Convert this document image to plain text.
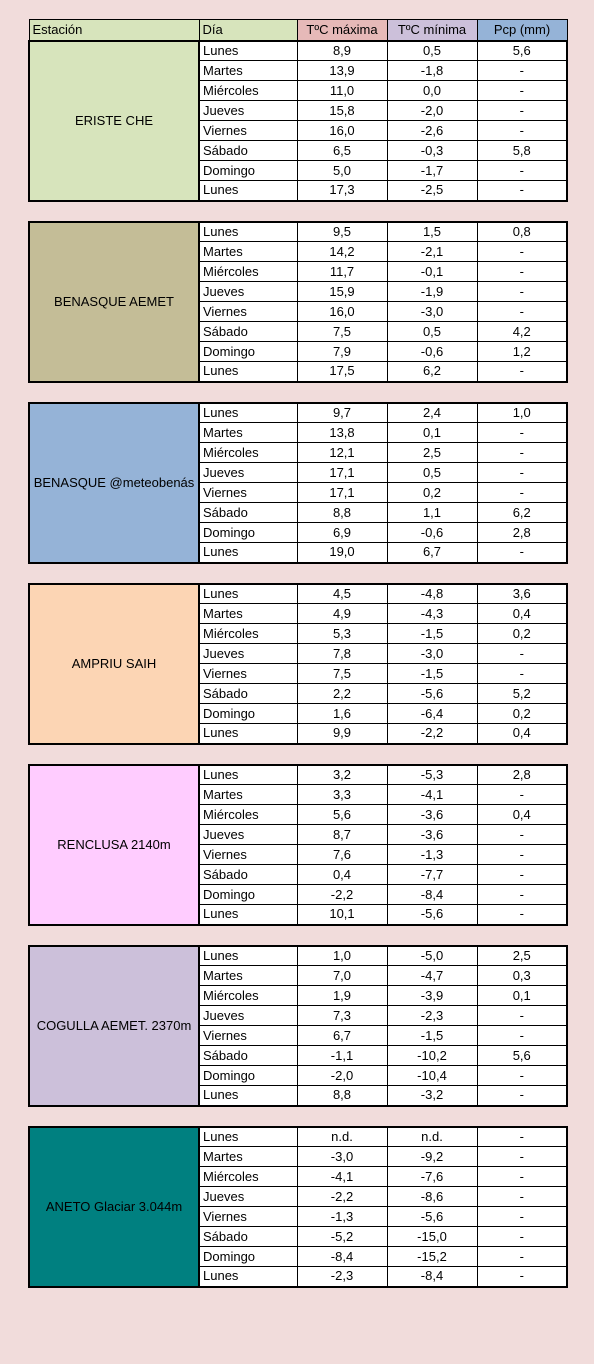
Estación	Día	TºC máxima	TºC mínima	Pcp (mm)
ERISTE CHE	Lunes	8,9	0,5	5,6
	Martes	13,9	-1,8	-
	Miércoles	11,0	0,0	-
	Jueves	15,8	-2,0	-
	Viernes	16,0	-2,6	-
	Sábado	6,5	-0,3	5,8
	Domingo	5,0	-1,7	-
	Lunes	17,3	-2,5	-

BENASQUE AEMET	Lunes	9,5	1,5	0,8
	Martes	14,2	-2,1	-
	Miércoles	11,7	-0,1	-
	Jueves	15,9	-1,9	-
	Viernes	16,0	-3,0	-
	Sábado	7,5	0,5	4,2
	Domingo	7,9	-0,6	1,2
	Lunes	17,5	6,2	-

BENASQUE @meteobenás	Lunes	9,7	2,4	1,0
	Martes	13,8	0,1	-
	Miércoles	12,1	2,5	-
	Jueves	17,1	0,5	-
	Viernes	17,1	0,2	-
	Sábado	8,8	1,1	6,2
	Domingo	6,9	-0,6	2,8
	Lunes	19,0	6,7	-

AMPRIU SAIH	Lunes	4,5	-4,8	3,6
	Martes	4,9	-4,3	0,4
	Miércoles	5,3	-1,5	0,2
	Jueves	7,8	-3,0	-
	Viernes	7,5	-1,5	-
	Sábado	2,2	-5,6	5,2
	Domingo	1,6	-6,4	0,2
	Lunes	9,9	-2,2	0,4

RENCLUSA 2140m	Lunes	3,2	-5,3	2,8
	Martes	3,3	-4,1	-
	Miércoles	5,6	-3,6	0,4
	Jueves	8,7	-3,6	-
	Viernes	7,6	-1,3	-
	Sábado	0,4	-7,7	-
	Domingo	-2,2	-8,4	-
	Lunes	10,1	-5,6	-

COGULLA AEMET. 2370m	Lunes	1,0	-5,0	2,5
	Martes	7,0	-4,7	0,3
	Miércoles	1,9	-3,9	0,1
	Jueves	7,3	-2,3	-
	Viernes	6,7	-1,5	-
	Sábado	-1,1	-10,2	5,6
	Domingo	-2,0	-10,4	-
	Lunes	8,8	-3,2	-

ANETO Glaciar 3.044m	Lunes	n.d.	n.d.	-
	Martes	-3,0	-9,2	-
	Miércoles	-4,1	-7,6	-
	Jueves	-2,2	-8,6	-
	Viernes	-1,3	-5,6	-
	Sábado	-5,2	-15,0	-
	Domingo	-8,4	-15,2	-
	Lunes	-2,3	-8,4	-
